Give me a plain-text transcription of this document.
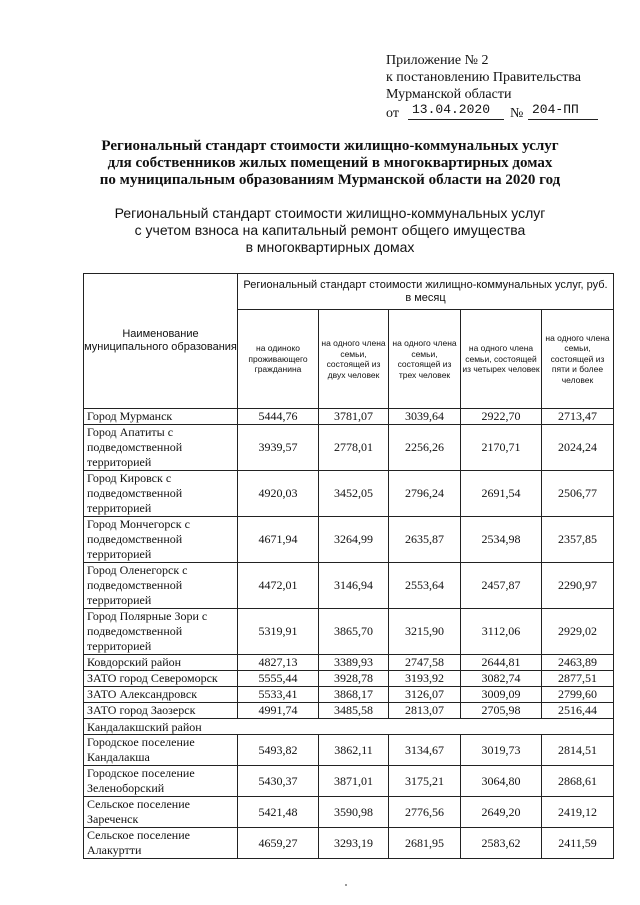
Приложение № 2
к постановлению Правительства
Мурманской области
от 13.04.2020 № 204-ПП
Региональный стандарт стоимости жилищно-коммунальных услуг
для собственников жилых помещений в многоквартирных домах
по муниципальным образованиям Мурманской области на 2020 год
Региональный стандарт стоимости жилищно-коммунальных услуг
с учетом взноса на капитальный ремонт общего имущества
в многоквартирных домах
Наименование муниципального образования	Региональный стандарт стоимости жилищно-коммунальных услуг, руб. в месяц				
	на одиноко проживающего гражданина	на одного члена семьи, состоящей из двух человек	на одного члена семьи, состоящей из трех человек	на одного члена семьи, состоящей из четырех человек	на одного члена семьи, состоящей из пяти и более человек
Город Мурманск	5444,76	3781,07	3039,64	2922,70	2713,47
Город Апатиты с подведомственной территорией	3939,57	2778,01	2256,26	2170,71	2024,24
Город Кировск с подведомственной территорией	4920,03	3452,05	2796,24	2691,54	2506,77
Город Мончегорск с подведомственной территорией	4671,94	3264,99	2635,87	2534,98	2357,85
Город Оленегорск с подведомственной территорией	4472,01	3146,94	2553,64	2457,87	2290,97
Город Полярные Зори с подведомственной территорией	5319,91	3865,70	3215,90	3112,06	2929,02
Ковдорский район	4827,13	3389,93	2747,58	2644,81	2463,89
ЗАТО город Североморск	5555,44	3928,78	3193,92	3082,74	2877,51
ЗАТО Александровск	5533,41	3868,17	3126,07	3009,09	2799,60
ЗАТО город Заозерск	4991,74	3485,58	2813,07	2705,98	2516,44
Кандалакшский район					
Городское поселение Кандалакша	5493,82	3862,11	3134,67	3019,73	2814,51
Городское поселение Зеленоборский	5430,37	3871,01	3175,21	3064,80	2868,61
Сельское поселение Зареченск	5421,48	3590,98	2776,56	2649,20	2419,12
Сельское поселение Алакуртти	4659,27	3293,19	2681,95	2583,62	2411,59
